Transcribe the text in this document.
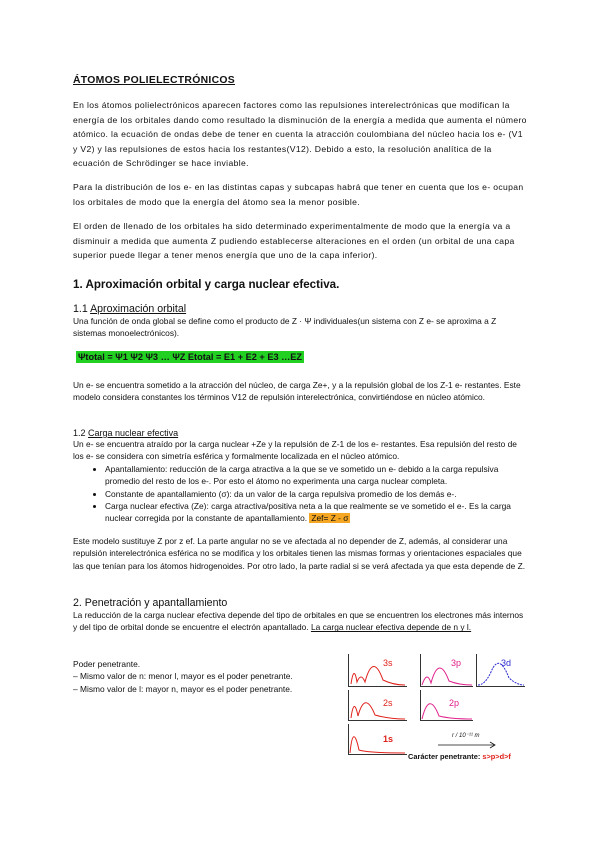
ÁTOMOS POLIELECTRÓNICOS

En los átomos polielectrónicos aparecen factores como las repulsiones interelectrónicas que modifican la energía de los orbitales dando como resultado la disminución de la energía a medida que aumenta el número atómico. la ecuación de ondas debe de tener en cuenta la atracción coulombiana del núcleo hacia los e- (V1 y V2) y las repulsiones de estos hacia los restantes(V12). Debido a esto, la resolución analítica de la ecuación de Schrödinger se hace inviable.

Para la distribución de los e- en las distintas capas y subcapas habrá que tener en cuenta que los e- ocupan los orbitales de modo que la energía del átomo sea la menor posible.

El orden de llenado de los orbitales ha sido determinado experimentalmente de modo que la energía va a disminuir a medida que aumenta Z pudiendo establecerse alteraciones en el orden (un orbital de una capa superior puede llegar a tener menos energía que uno de la capa inferior).

1. Aproximación orbital y carga nuclear efectiva.
1.1 Aproximación orbital

Una función de onda global se define como el producto de Z · Ψ individuales(un sistema con Z e- se aproxima a Z sistemas monoelectrónicos).

Ψtotal = Ψ1 Ψ2 Ψ3 … ΨZ Etotal = E1 + E2 + E3 …EZ

Un e- se encuentra sometido a la atracción del núcleo, de carga Ze+, y a la repulsión global de los Z-1 e- restantes. Este modelo considera constantes los términos V12 de repulsión interelectrónica, convirtiéndose en núcleo atómico.

1.2 Carga nuclear efectiva

Un e- se encuentra atraído por la carga nuclear +Ze y la repulsión de Z-1 de los e- restantes. Esa repulsión del resto de los e- se considera con simetría esférica y formalmente localizada en el núcleo atómico.

• Apantallamiento: reducción de la carga atractiva a la que se ve sometido un e- debido a la carga repulsiva promedio del resto de los e-. Por esto el átomo no experimenta una carga nuclear completa.
• Constante de apantallamiento (σ): da un valor de la carga repulsiva promedio de los demás e-.
• Carga nuclear efectiva (Ze): carga atractiva/positiva neta a la que realmente se ve sometido el e-. Es la carga nuclear corregida por la constante de apantallamiento. Zef= Z - σ

Este modelo sustituye Z por z ef. La parte angular no se ve afectada al no depender de Z, además, al considerar una repulsión interelectrónica esférica no se modifica y los orbitales tienen las mismas formas y orientaciones espaciales que las que tenían para los átomos hidrogenoides. Por otro lado, la parte radial si se verá afectada ya que esta depende de Z.

2. Penetración y apantallamiento

La reducción de la carga nuclear efectiva depende del tipo de orbitales en que se encuentren los electrones más internos y del tipo de orbital donde se encuentre el electrón apantallado. La carga nuclear efectiva depende de n y l.

Poder penetrante.

– Mismo valor de n: menor l, mayor es el poder penetrante.

– Mismo valor de l: mayor n, mayor es el poder penetrante.

3s	3p	3d
2s	2p
1s	r / 10⁻¹¹ m
Carácter penetrante: s>p>d>f
